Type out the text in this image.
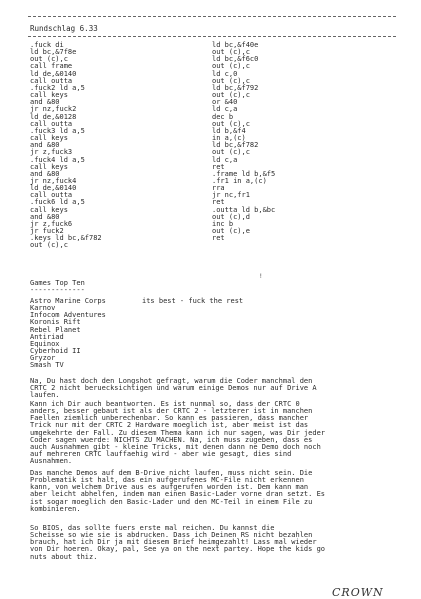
Rundschlag 6.33
.fuck di
ld bc,&7f8e
out (c),c
call frame
ld de,&0140
call outta
.fuck2 ld a,5
call keys
and &80
jr nz,fuck2
ld de,&0128
call outta
.fuck3 ld a,5
call keys
and &80
jr z,fuck3
.fuck4 ld a,5
call keys
and &80
jr nz,fuck4
ld de,&0140
call outta
.fuck6 ld a,5
call keys
and &80
jr z,fuck6
jr fuck2
.keys ld bc,&f782
out (c),c
ld bc,&f40e
out (c),c
ld bc,&f6c0
out (c),c
ld c,0
out (c),c
ld bc,&f792
out (c),c
or &40
ld c,a
dec b
out (c),c
ld b,&f4
in a,(c)
ld bc,&f782
out (c),c
ld c,a
ret
.frame ld b,&f5
.fr1 in a,(c)
rra
jr nc,fr1
ret
.outta ld b,&bc
out (c),d
inc b
out (c),e
ret
!
Games Top Ten
-------------
Astro Marine Corps
Karnov
Infocom Adventures
Koronis Rift
Rebel Planet
Antiriad
Equinox
Cyberhoid II
Gryzor
Smash TV
its best - fuck the rest
Na, Du hast doch den Longshot gefragt, warum die Coder manchmal den
CRTC 2 nicht beruecksichtigen und warum einige Demos nur auf Drive A
laufen.
Kann ich Dir auch beantworten. Es ist nunmal so, dass der CRTC 0
anders, besser gebaut ist als der CRTC 2 - letzterer ist in manchen
Faellen ziemlich unberechenbar. So kann es passieren, dass mancher
Trick nur mit der CRTC 2 Hardware moeglich ist, aber meist ist das
umgekehrte der Fall. Zu diesem Thema kann ich nur sagen, was Dir jeder
Coder sagen wuerde: NICHTS ZU MACHEN. Na, ich muss zugeben, dass es
auch Ausnahmen gibt - kleine Tricks, mit denen dann ne Demo doch noch
auf mehreren CRTC lauffaehig wird - aber wie gesagt, dies sind
Ausnahmen.
Das manche Demos auf dem B-Drive nicht laufen, muss nicht sein. Die
Problematik ist halt, das ein aufgerufenes MC-File nicht erkennen
kann, von welchem Drive aus es aufgerufen worden ist. Dem kann man
aber leicht abhelfen, indem man einen Basic-Lader vorne dran setzt. Es
ist sogar moeglich den Basic-Lader und den MC-Teil in einem File zu
kombinieren.
So BIOS, das sollte fuers erste mal reichen. Du kannst die
Scheisse so wie sie is abdrucken. Dass ich Deinen RS nicht bezahlen
brauch, hat ich Dir ja mit diesem Brief heimgezahlt! Lass mal wieder
von Dir hoeren. Okay, pal, See ya on the next partey. Hope the kids go
nuts about thiz.
CROWN
